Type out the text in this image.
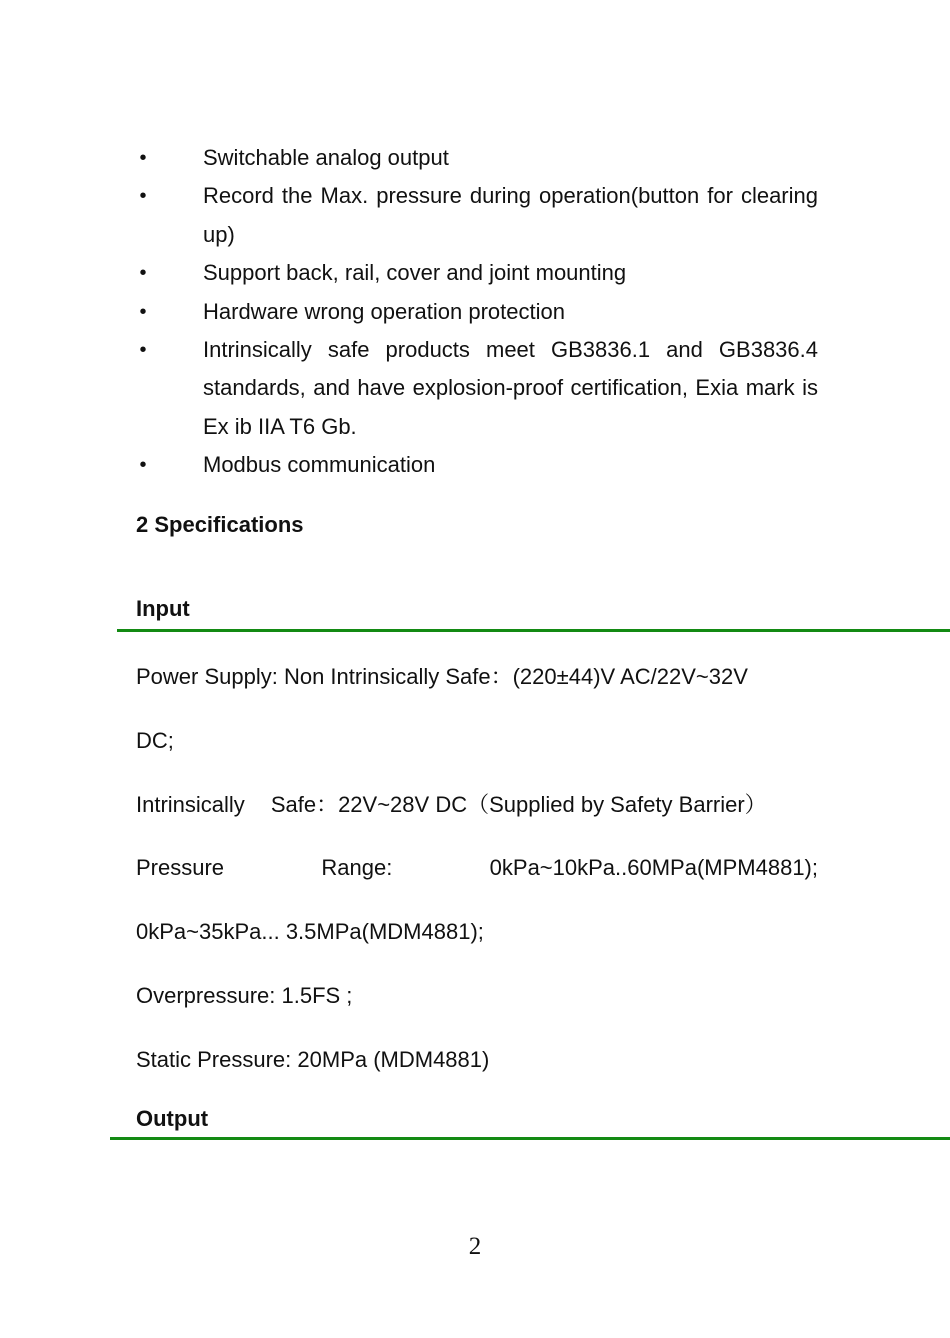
•	Switchable analog output
•	Record the Max. pressure during operation(button for clearing up)
•	Support back, rail, cover and joint mounting
•	Hardware wrong operation protection
•	Intrinsically safe products meet GB3836.1 and GB3836.4 standards, and have explosion-proof certification, Exia mark is Ex ib IIA T6 Gb.
•	Modbus communication
2 Specifications
Input
Power Supply: Non Intrinsically Safe：(220±44)V AC/22V~32V
DC;
Intrinsically Safe：22V~28V DC（Supplied by Safety Barrier）
Pressure	Range:	0kPa~10kPa..60MPa(MPM4881);
0kPa~35kPa... 3.5MPa(MDM4881);
Overpressure: 1.5FS ;
Static Pressure: 20MPa (MDM4881)
Output
2
